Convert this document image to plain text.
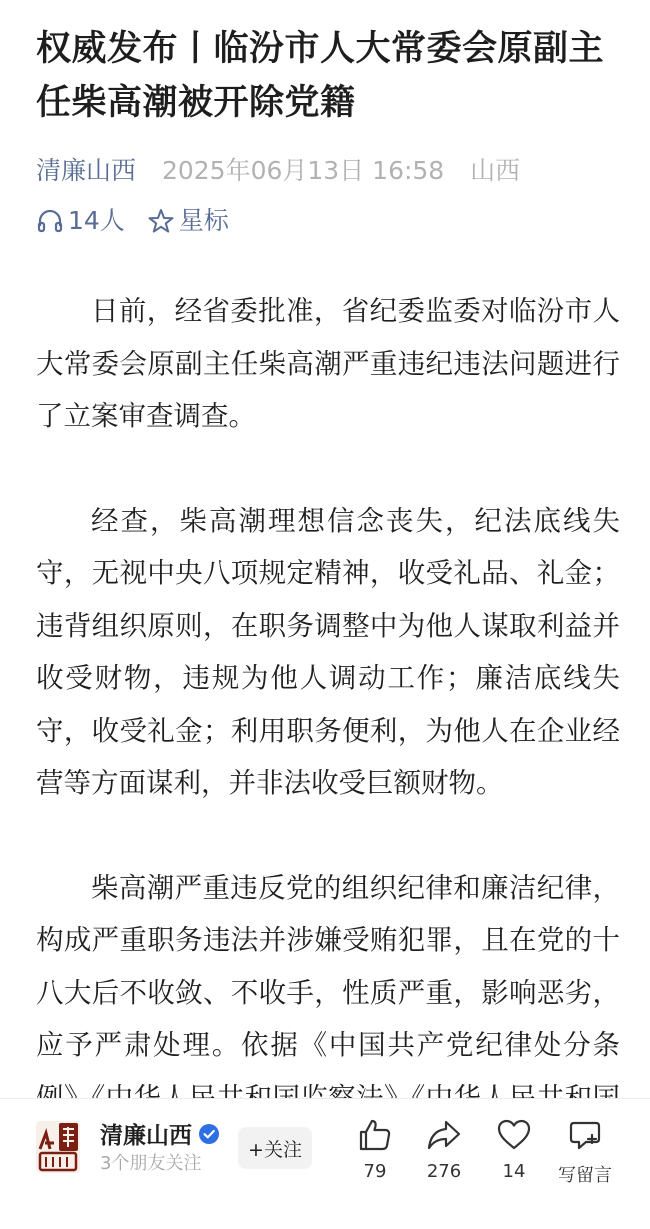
权威发布丨临汾市人大常委会原副主任柴高潮被开除党籍
清廉山西 2025年06月13日 16:58 山西
14人 星标

日前，经省委批准，省纪委监委对临汾市人大常委会原副主任柴高潮严重违纪违法问题进行了立案审查调查。

经查，柴高潮理想信念丧失，纪法底线失守，无视中央八项规定精神，收受礼品、礼金；违背组织原则，在职务调整中为他人谋取利益并收受财物，违规为他人调动工作；廉洁底线失守，收受礼金；利用职务便利，为他人在企业经营等方面谋利，并非法收受巨额财物。

柴高潮严重违反党的组织纪律和廉洁纪律，构成严重职务违法并涉嫌受贿犯罪，且在党的十八大后不收敛、不收手，性质严重，影响恶劣，应予严肃处理。依据《中国共产党纪律处分条

清廉山西
3个朋友关注
+关注
79 276 14 写留言
